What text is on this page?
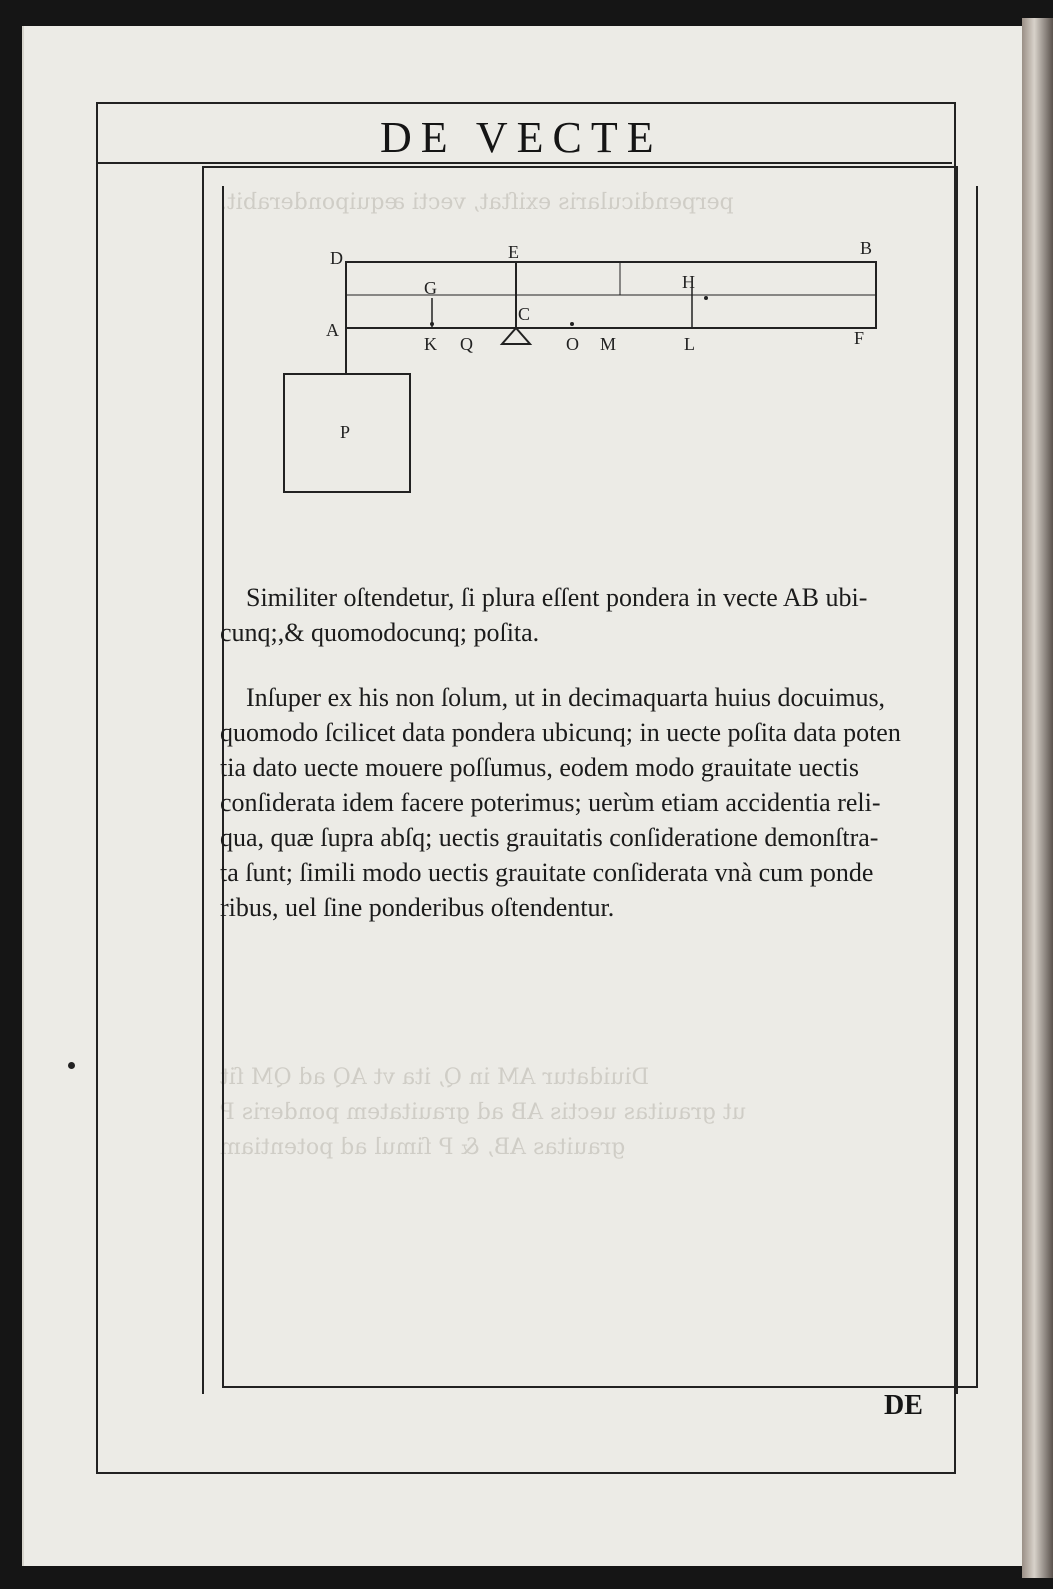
perpendicularis exiſtat, vecti æquiponderabit.
Diuidatur AM in Q, ita vt AQ ad QM ſit
ut grauitas uectis AB ad grauitatem ponderis P
grauitas AB, & P ſimul ad potentiam
DE VECTE
D	E	B
G	H
C
A
K Q	O M	L	F
P
Similiter oſtendetur, ſi plura eſſent pondera in vecte AB ubi-
cunq;,& quomodocunq; poſita.
Inſuper ex his non ſolum, ut in decimaquarta huius docuimus,
quomodo ſcilicet data pondera ubicunq; in uecte poſita data poten
tia dato uecte mouere poſſumus, eodem modo grauitate uectis
conſiderata idem facere poterimus; uerùm etiam accidentia reli-
qua, quæ ſupra abſq; uectis grauitatis conſideratione demonſtra-
ta ſunt; ſimili modo uectis grauitate conſiderata vnà cum ponde
ribus, uel ſine ponderibus oſtendentur.
DE
